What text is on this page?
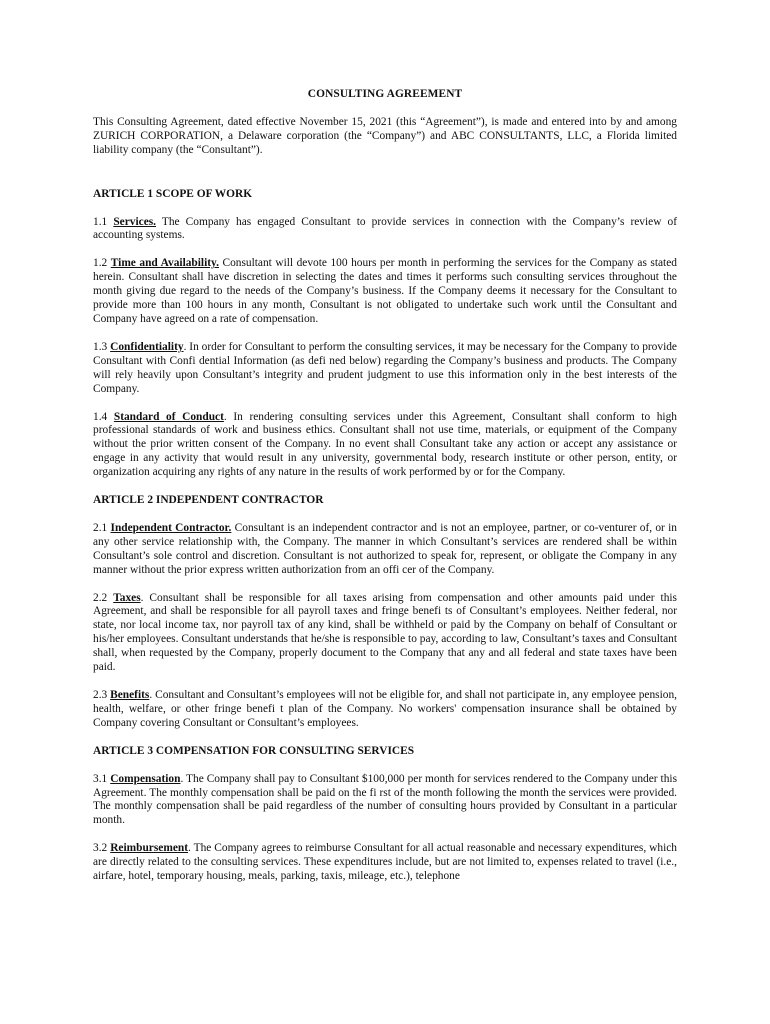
CONSULTING AGREEMENT

This Consulting Agreement, dated effective November 15, 2021 (this “Agreement”), is made and entered into by and among ZURICH CORPORATION, a Delaware corporation (the “Company”) and ABC CONSULTANTS, LLC, a Florida limited liability company (the “Consultant”).

ARTICLE 1 SCOPE OF WORK

1.1 Services. The Company has engaged Consultant to provide services in connection with the Company’s review of accounting systems.

1.2 Time and Availability. Consultant will devote 100 hours per month in performing the services for the Company as stated herein. Consultant shall have discretion in selecting the dates and times it performs such consulting services throughout the month giving due regard to the needs of the Company’s business. If the Company deems it necessary for the Consultant to provide more than 100 hours in any month, Consultant is not obligated to undertake such work until the Consultant and Company have agreed on a rate of compensation.

1.3 Confidentiality. In order for Consultant to perform the consulting services, it may be necessary for the Company to provide Consultant with Confi dential Information (as defi ned below) regarding the Company’s business and products. The Company will rely heavily upon Consultant’s integrity and prudent judgment to use this information only in the best interests of the Company.

1.4 Standard of Conduct. In rendering consulting services under this Agreement, Consultant shall conform to high professional standards of work and business ethics. Consultant shall not use time, materials, or equipment of the Company without the prior written consent of the Company. In no event shall Consultant take any action or accept any assistance or engage in any activity that would result in any university, governmental body, research institute or other person, entity, or organization acquiring any rights of any nature in the results of work performed by or for the Company.

ARTICLE 2 INDEPENDENT CONTRACTOR

2.1 Independent Contractor. Consultant is an independent contractor and is not an employee, partner, or co-venturer of, or in any other service relationship with, the Company. The manner in which Consultant’s services are rendered shall be within Consultant’s sole control and discretion. Consultant is not authorized to speak for, represent, or obligate the Company in any manner without the prior express written authorization from an offi cer of the Company.

2.2 Taxes. Consultant shall be responsible for all taxes arising from compensation and other amounts paid under this Agreement, and shall be responsible for all payroll taxes and fringe benefi ts of Consultant’s employees. Neither federal, nor state, nor local income tax, nor payroll tax of any kind, shall be withheld or paid by the Company on behalf of Consultant or his/her employees. Consultant understands that he/she is responsible to pay, according to law, Consultant’s taxes and Consultant shall, when requested by the Company, properly document to the Company that any and all federal and state taxes have been paid.

2.3 Benefits. Consultant and Consultant’s employees will not be eligible for, and shall not participate in, any employee pension, health, welfare, or other fringe benefi t plan of the Company. No workers' compensation insurance shall be obtained by Company covering Consultant or Consultant’s employees.

ARTICLE 3 COMPENSATION FOR CONSULTING SERVICES

3.1 Compensation. The Company shall pay to Consultant $100,000 per month for services rendered to the Company under this Agreement. The monthly compensation shall be paid on the fi rst of the month following the month the services were provided. The monthly compensation shall be paid regardless of the number of consulting hours provided by Consultant in a particular month.

3.2 Reimbursement. The Company agrees to reimburse Consultant for all actual reasonable and necessary expenditures, which are directly related to the consulting services. These expenditures include, but are not limited to, expenses related to travel (i.e., airfare, hotel, temporary housing, meals, parking, taxis, mileage, etc.), telephone
